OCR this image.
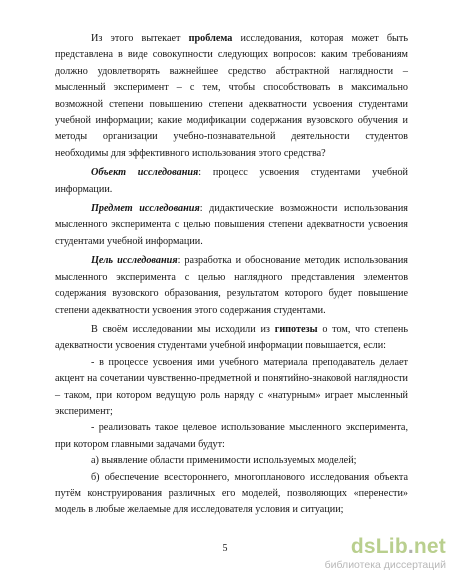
Из этого вытекает проблема исследования, которая может быть представлена в виде совокупности следующих вопросов: каким требованиям должно удовлетворять важнейшее средство абстрактной наглядности – мысленный эксперимент – с тем, чтобы способствовать в максимально возможной степени повышению степени адекватности усвоения студентами учебной информации; какие модификации содержания вузовского обучения и методы организации учебно-познавательной деятельности студентов необходимы для эффективного использования этого средства?

Объект исследования: процесс усвоения студентами учебной информации.

Предмет исследования: дидактические возможности использования мысленного эксперимента с целью повышения степени адекватности усвоения студентами учебной информации.

Цель исследования: разработка и обоснование методик использования мысленного эксперимента с целью наглядного представления элементов содержания вузовского образования, результатом которого будет повышение степени адекватности усвоения этого содержания студентами.

В своём исследовании мы исходили из гипотезы о том, что степень адекватности усвоения студентами учебной информации повышается, если:

- в процессе усвоения ими учебного материала преподаватель делает акцент на сочетании чувственно-предметной и понятийно-знаковой наглядности – таком, при котором ведущую роль наряду с «натурным» играет мысленный эксперимент;

- реализовать такое целевое использование мысленного эксперимента, при котором главными задачами будут:

а) выявление области применимости используемых моделей;

б) обеспечение всестороннего, многопланового исследования объекта путём конструирования различных его моделей, позволяющих «перенести» модель в любые желаемые для исследователя условия и ситуации;

5	dsLib.net
библиотека диссертаций
